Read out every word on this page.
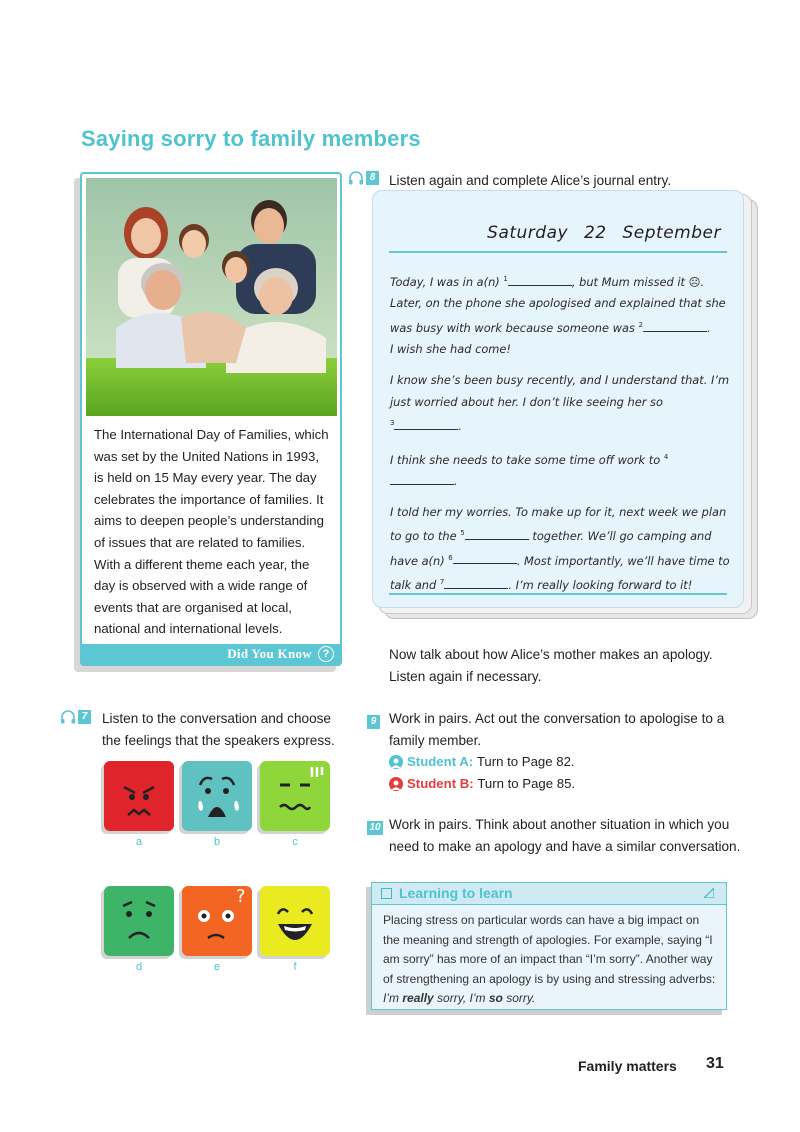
Saying sorry to family members
The International Day of Families, which was set by the United Nations in 1993, is held on 15 May every year. The day celebrates the importance of families. It aims to deepen people’s understanding of issues that are related to families. With a different theme each year, the day is observed with a wide range of events that are organised at local, national and international levels.
Did You Know ?
8 Listen again and complete Alice’s journal entry.
Saturday 22 September

Today, I was in a(n) $^1$	, but Mum missed it ☹. Later, on the phone she apologised and explained that she was busy with work because someone was $^2$	.
I wish she had come!

I know she’s been busy recently, and I understand that. I’m just worried about her. I don’t like seeing her so
$^3$	.

I think she needs to take some time off work to $^4$.

I told her my worries. To make up for it, next week we plan to go to the $^5$	together. We’ll go camping and have a(n) $^6$	. Most importantly, we’ll have time to talk and $^7$	. I’m really looking forward to it!

Now talk about how Alice’s mother makes an apology. Listen again if necessary.
7 Listen to the conversation and choose the feelings that the speakers express.
a	b	c
?
d	e	f
9 Work in pairs. Act out the conversation to apologise to a family member.
Student A:
Turn to Page 82.
Student B:
Turn to Page 85.
10 Work in pairs. Think about another situation in which you need to make an apology and have a similar conversation.
Learning to learn
Placing stress on particular words can have a big impact on the meaning and strength of apologies. For example, saying “I am sorry” has more of an impact than “I’m sorry”. Another way of strengthening an apology is by using and stressing adverbs: I’m really sorry, I’m so sorry.
Family matters 31
